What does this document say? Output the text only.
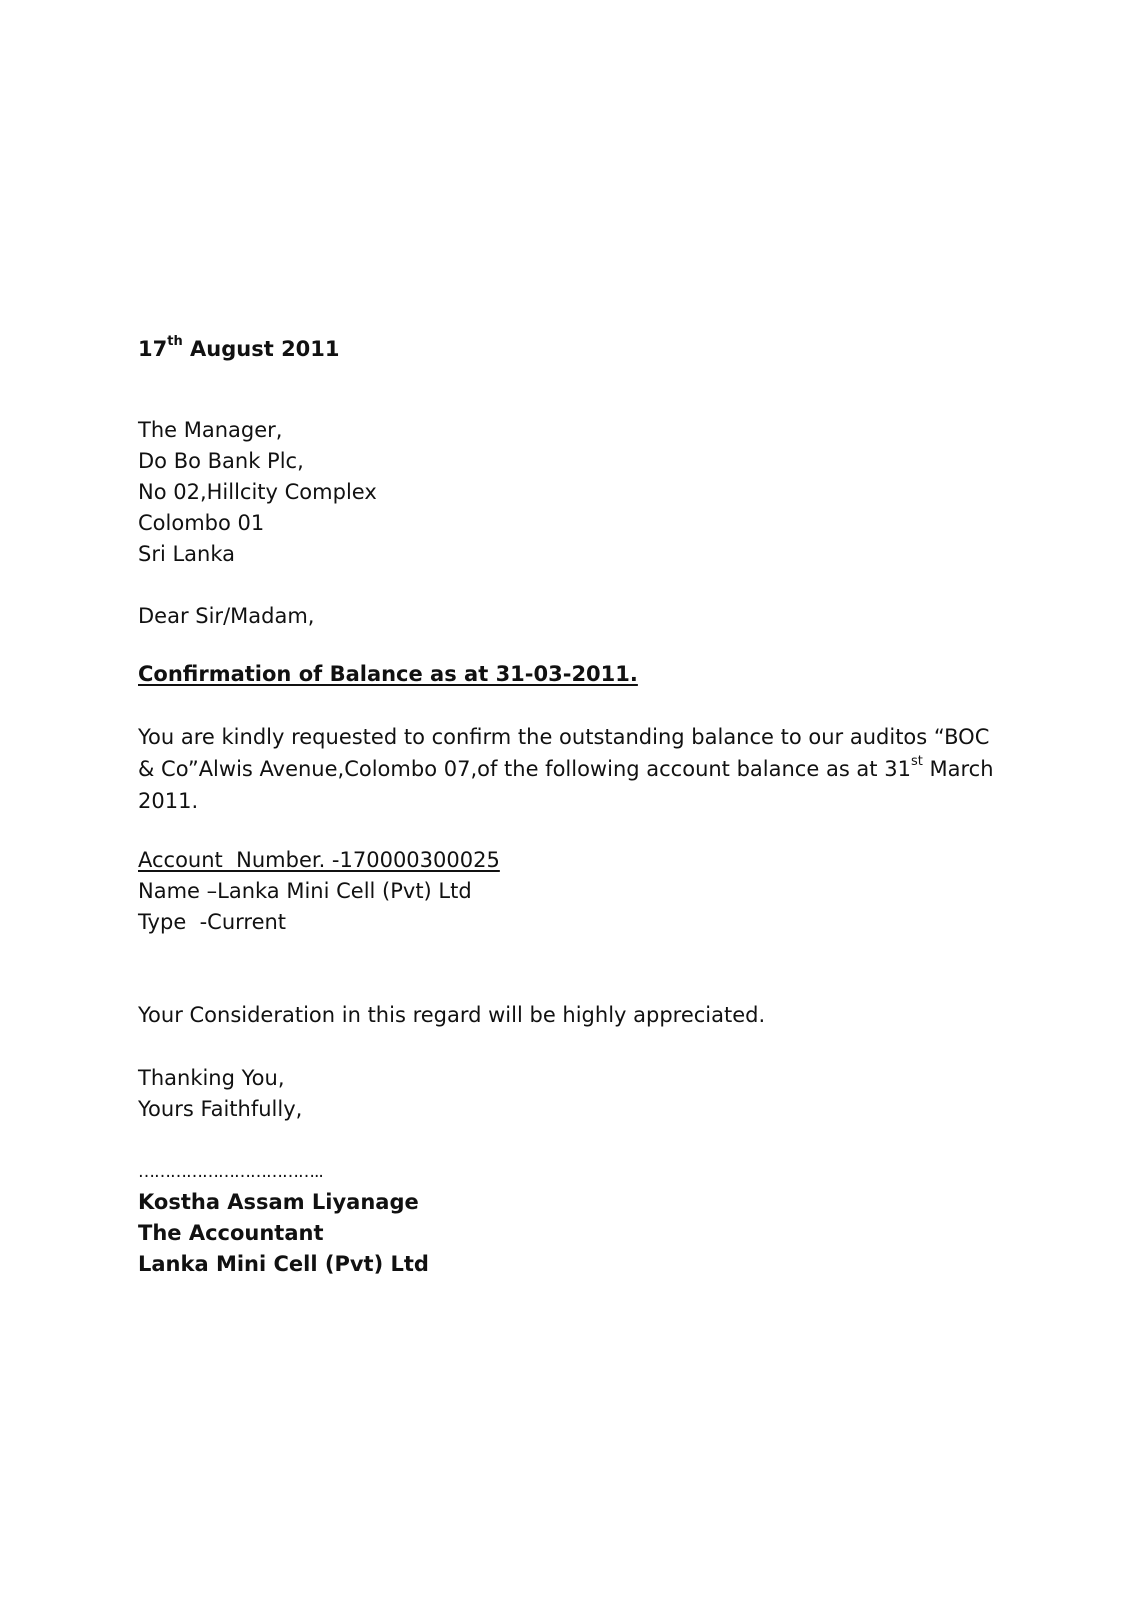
17th August 2011
The Manager,
Do Bo Bank Plc,
No 02,Hillcity Complex
Colombo 01
Sri Lanka
Dear Sir/Madam,
Confirmation of Balance as at 31-03-2011.
You are kindly requested to confirm the outstanding balance to our auditos “BOC & Co”Alwis Avenue,Colombo 07,of the following account balance as at 31st March 2011.
Account  Number. -170000300025
Name –Lanka Mini Cell (Pvt) Ltd
Type  -Current
Your Consideration in this regard will be highly appreciated.
Thanking You,
Yours Faithfully,
……………………………..
Kostha Assam Liyanage
The Accountant
Lanka Mini Cell (Pvt) Ltd
